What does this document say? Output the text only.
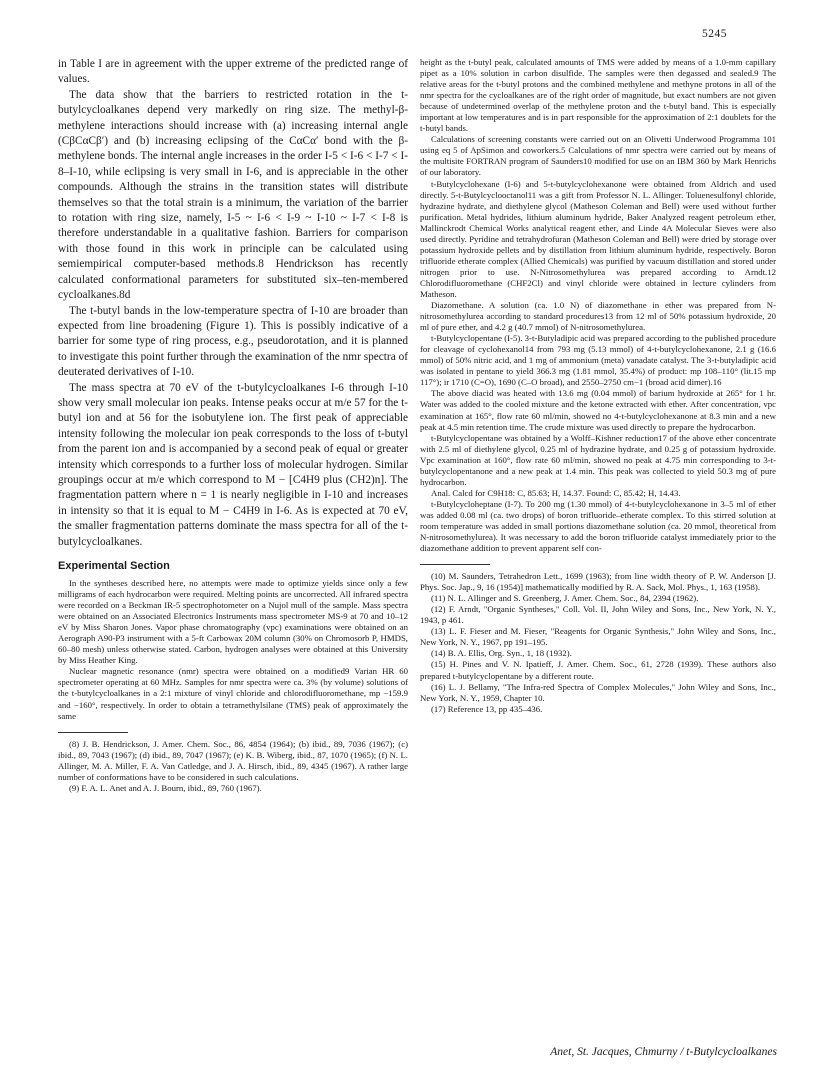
5245

in Table I are in agreement with the upper extreme of the predicted range of values.

The data show that the barriers to restricted rotation in the t-butylcycloalkanes depend very markedly on ring size. The methyl-β-methylene interactions should increase with (a) increasing internal angle (CβCαCβ′) and (b) increasing eclipsing of the CαCα′ bond with the β-methylene bonds. The internal angle increases in the order I-5 < I-6 < I-7 < I-8–I-10, while eclipsing is very small in I-6, and is appreciable in the other compounds. Although the strains in the transition states will distribute themselves so that the total strain is a minimum, the variation of the barrier to rotation with ring size, namely, I-5 ~ I-6 < I-9 ~ I-10 ~ I-7 < I-8 is therefore understandable in a qualitative fashion. Barriers for comparison with those found in this work in principle can be calculated using semiempirical computer-based methods.8 Hendrickson has recently calculated conformational parameters for substituted six–ten-membered cycloalkanes.8d

The t-butyl bands in the low-temperature spectra of I-10 are broader than expected from line broadening (Figure 1). This is possibly indicative of a barrier for some type of ring process, e.g., pseudorotation, and it is planned to investigate this point further through the examination of the nmr spectra of deuterated derivatives of I-10.

The mass spectra at 70 eV of the t-butylcycloalkanes I-6 through I-10 show very small molecular ion peaks. Intense peaks occur at m/e 57 for the t-butyl ion and at 56 for the isobutylene ion. The first peak of appreciable intensity following the molecular ion peak corresponds to the loss of t-butyl from the parent ion and is accompanied by a second peak of equal or greater intensity which corresponds to a further loss of molecular hydrogen. Similar groupings occur at m/e which correspond to M − [C4H9 plus (CH2)n]. The fragmentation pattern where n = 1 is nearly negligible in I-10 and increases in intensity so that it is equal to M − C4H9 in I-6. As is expected at 70 eV, the smaller fragmentation patterns dominate the mass spectra for all of the t-butylcycloalkanes.

Experimental Section

In the syntheses described here, no attempts were made to optimize yields since only a few milligrams of each hydrocarbon were required. Melting points are uncorrected. All infrared spectra were recorded on a Beckman IR-5 spectrophotometer on a Nujol mull of the sample. Mass spectra were obtained on an Associated Electronics Instruments mass spectrometer MS-9 at 70 and 10–12 eV by Miss Sharon Jones. Vapor phase chromatography (vpc) examinations were obtained on an Aerograph A90-P3 instrument with a 5-ft Carbowax 20M column (30% on Chromosorb P, HMDS, 60–80 mesh) unless otherwise stated. Carbon, hydrogen analyses were obtained at this University by Miss Heather King.

Nuclear magnetic resonance (nmr) spectra were obtained on a modified9 Varian HR 60 spectrometer operating at 60 MHz. Samples for nmr spectra were ca. 3% (by volume) solutions of the t-butylcycloalkanes in a 2:1 mixture of vinyl chloride and chlorodifluoromethane, mp −159.9 and −160°, respectively. In order to obtain a tetramethylsilane (TMS) peak of approximately the same

(8) J. B. Hendrickson, J. Amer. Chem. Soc., 86, 4854 (1964); (b) ibid., 89, 7036 (1967); (c) ibid., 89, 7043 (1967); (d) ibid., 89, 7047 (1967); (e) K. B. Wiberg, ibid., 87, 1070 (1965); (f) N. L. Allinger, M. A. Miller, F. A. Van Catledge, and J. A. Hirsch, ibid., 89, 4345 (1967). A rather large number of conformations have to be considered in such calculations.

(9) F. A. L. Anet and A. J. Bourn, ibid., 89, 760 (1967).

height as the t-butyl peak, calculated amounts of TMS were added by means of a 1.0-mm capillary pipet as a 10% solution in carbon disulfide. The samples were then degassed and sealed.9 The relative areas for the t-butyl protons and the combined methylene and methyne protons in all of the nmr spectra for the cycloalkanes are of the right order of magnitude, but exact numbers are not given because of undetermined overlap of the methylene proton and the t-butyl band. This is especially important at low temperatures and is in part responsible for the approximation of 2:1 doublets for the t-butyl bands.

Calculations of screening constants were carried out on an Olivetti Underwood Programma 101 using eq 5 of ApSimon and coworkers.5 Calculations of nmr spectra were carried out by means of the multisite FORTRAN program of Saunders10 modified for use on an IBM 360 by Mark Henrichs of our laboratory.

t-Butylcyclohexane (I-6) and 5-t-butylcyclohexanone were obtained from Aldrich and used directly. 5-t-Butylcyclooctanol11 was a gift from Professor N. L. Allinger. Toluenesulfonyl chloride, hydrazine hydrate, and diethylene glycol (Matheson Coleman and Bell) were used without further purification. Metal hydrides, lithium aluminum hydride, Baker Analyzed reagent petroleum ether, Mallinckrodt Chemical Works analytical reagent ether, and Linde 4A Molecular Sieves were also used directly. Pyridine and tetrahydrofuran (Matheson Coleman and Bell) were dried by storage over potassium hydroxide pellets and by distillation from lithium aluminum hydride, respectively. Boron trifluoride etherate complex (Allied Chemicals) was purified by vacuum distillation and stored under nitrogen prior to use. N-Nitrosomethylurea was prepared according to Arndt.12 Chlorodifluoromethane (CHF2Cl) and vinyl chloride were obtained in lecture cylinders from Matheson.

Diazomethane. A solution (ca. 1.0 N) of diazomethane in ether was prepared from N-nitrosomethylurea according to standard procedures13 from 12 ml of 50% potassium hydroxide, 20 ml of pure ether, and 4.2 g (40.7 mmol) of N-nitrosomethylurea.

t-Butylcyclopentane (I-5). 3-t-Butyladipic acid was prepared according to the published procedure for cleavage of cyclohexanol14 from 793 mg (5.13 mmol) of 4-t-butylcyclohexanone, 2.1 g (16.6 mmol) of 50% nitric acid, and 1 mg of ammonium (meta) vanadate catalyst. The 3-t-butyladipic acid was isolated in pentane to yield 366.3 mg (1.81 mmol, 35.4%) of product: mp 108–110° (lit.15 mp 117°); ir 1710 (C=O), 1690 (C–O broad), and 2550–2750 cm−1 (broad acid dimer).16

The above diacid was heated with 13.6 mg (0.04 mmol) of barium hydroxide at 265° for 1 hr. Water was added to the cooled mixture and the ketone extracted with ether. After concentration, vpc examination at 165°, flow rate 60 ml/min, showed no 4-t-butylcyclohexanone at 8.3 min and a new peak at 4.5 min retention time. The crude mixture was used directly to prepare the hydrocarbon.

t-Butylcyclopentane was obtained by a Wolff–Kishner reduction17 of the above ether concentrate with 2.5 ml of diethylene glycol, 0.25 ml of hydrazine hydrate, and 0.25 g of potassium hydroxide. Vpc examination at 160°, flow rate 60 ml/min, showed no peak at 4.75 min corresponding to 3-t-butylcyclopentanone and a new peak at 1.4 min. This peak was collected to yield 50.3 mg of pure hydrocarbon.

Anal. Calcd for C9H18: C, 85.63; H, 14.37. Found: C, 85.42; H, 14.43.

t-Butylcycloheptane (I-7). To 200 mg (1.30 mmol) of 4-t-butylcyclohexanone in 3–5 ml of ether was added 0.08 ml (ca. two drops) of boron trifluoride–etherate complex. To this stirred solution at room temperature was added in small portions diazomethane solution (ca. 20 mmol, theoretical from N-nitrosomethylurea). It was necessary to add the boron trifluoride catalyst immediately prior to the diazomethane addition to prevent apparent self con-

(10) M. Saunders, Tetrahedron Lett., 1699 (1963); from line width theory of P. W. Anderson [J. Phys. Soc. Jap., 9, 16 (1954)] mathematically modified by R. A. Sack, Mol. Phys., 1, 163 (1958).

(11) N. L. Allinger and S. Greenberg, J. Amer. Chem. Soc., 84, 2394 (1962).

(12) F. Arndt, "Organic Syntheses," Coll. Vol. II, John Wiley and Sons, Inc., New York, N. Y., 1943, p 461.

(13) L. F. Fieser and M. Fieser, "Reagents for Organic Synthesis," John Wiley and Sons, Inc., New York, N. Y., 1967, pp 191–195.

(14) B. A. Ellis, Org. Syn., 1, 18 (1932).

(15) H. Pines and V. N. Ipatieff, J. Amer. Chem. Soc., 61, 2728 (1939). These authors also prepared t-butylcyclopentane by a different route.

(16) L. J. Bellamy, "The Infra-red Spectra of Complex Molecules," John Wiley and Sons, Inc., New York, N. Y., 1959, Chapter 10.

(17) Reference 13, pp 435–436.

Anet, St. Jacques, Chmurny / t-Butylcycloalkanes
